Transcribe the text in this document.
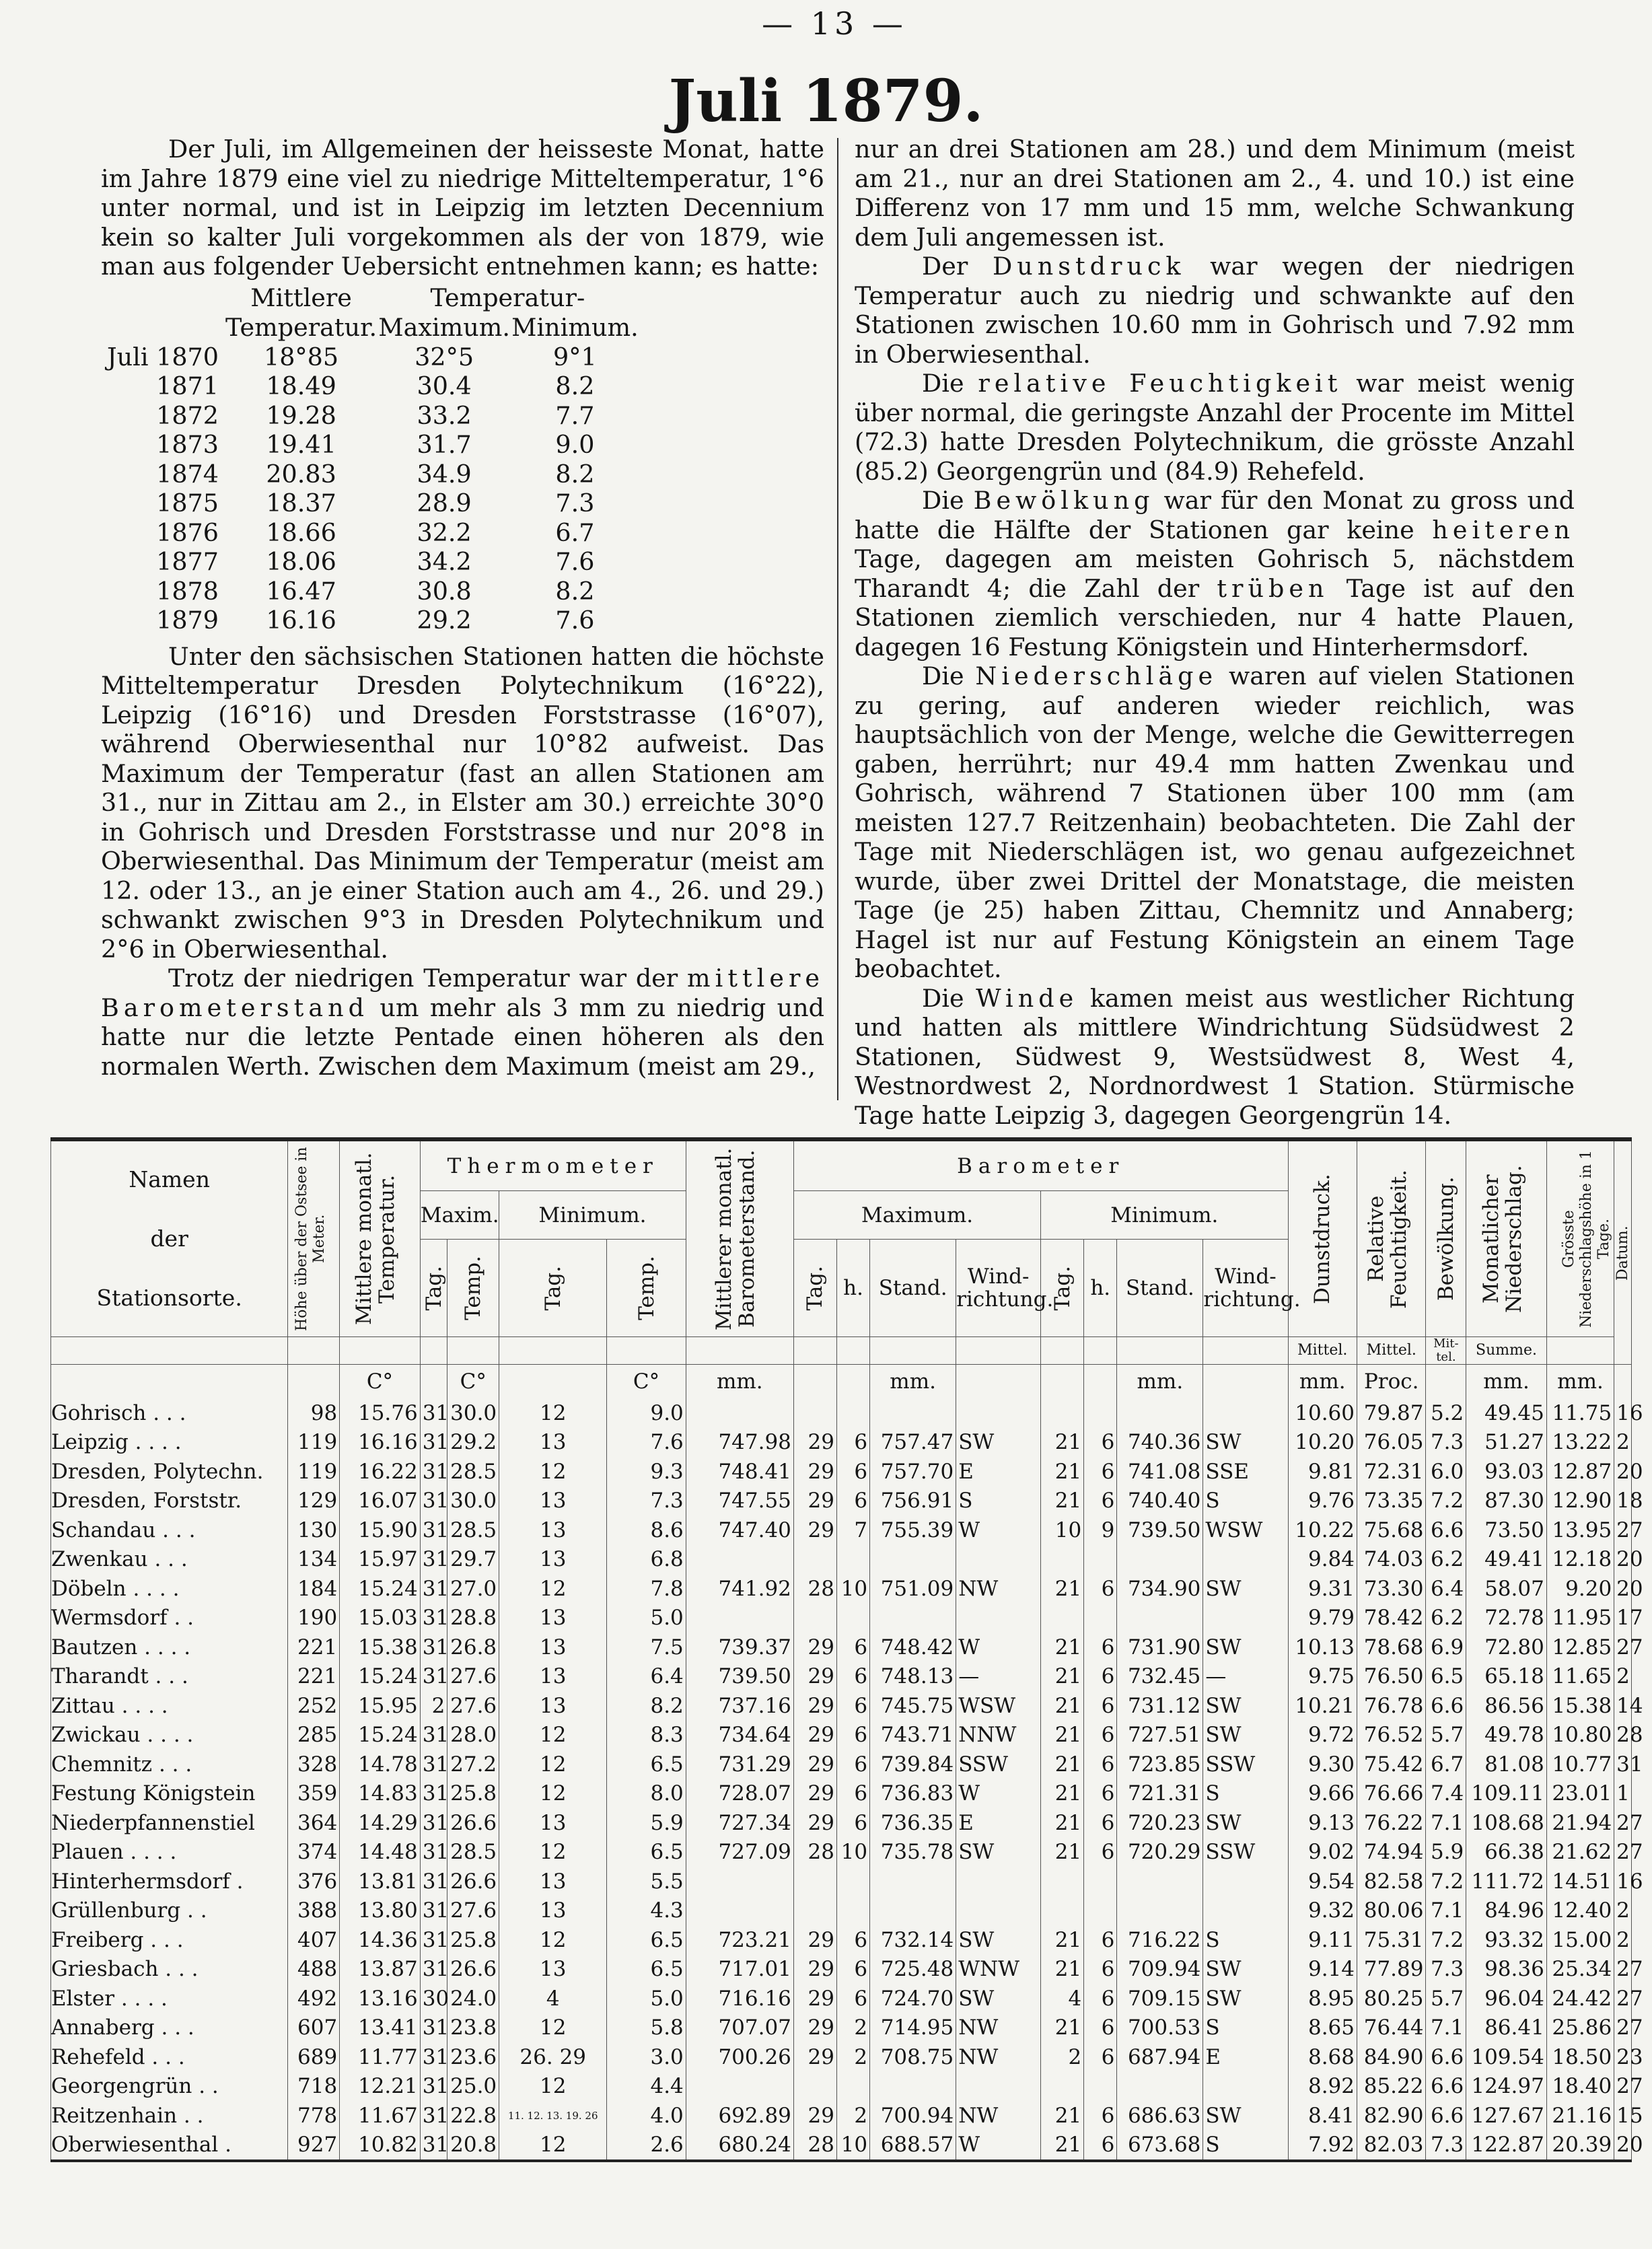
— 13 —
Juli 1879.

Der Juli, im Allgemeinen der heisseste Monat, hatte im Jahre 1879 eine viel zu niedrige Mitteltemperatur, 1°6 unter normal, und ist in Leipzig im letzten Decennium kein so kalter Juli vorgekommen als der von 1879, wie man aus folgender Uebersicht entnehmen kann; es hatte:

	Mittlere	Temperatur-	
	Temperatur.	Maximum.	Minimum.
Juli 1870	18°85	32°5	9°1
1871	18.49	30.4	8.2
1872	19.28	33.2	7.7
1873	19.41	31.7	9.0
1874	20.83	34.9	8.2
1875	18.37	28.9	7.3
1876	18.66	32.2	6.7
1877	18.06	34.2	7.6
1878	16.47	30.8	8.2
1879	16.16	29.2	7.6

Unter den sächsischen Stationen hatten die höchste Mitteltemperatur Dresden Polytechnikum (16°22), Leipzig (16°16) und Dresden Forststrasse (16°07), während Oberwiesenthal nur 10°82 aufweist. Das Maximum der Temperatur (fast an allen Stationen am 31., nur in Zittau am 2., in Elster am 30.) erreichte 30°0 in Gohrisch und Dresden Forststrasse und nur 20°8 in Oberwiesenthal. Das Minimum der Temperatur (meist am 12. oder 13., an je einer Station auch am 4., 26. und 29.) schwankt zwischen 9°3 in Dresden Polytechnikum und 2°6 in Oberwiesenthal.

Trotz der niedrigen Temperatur war der mittlere Barometerstand um mehr als 3 mm zu niedrig und hatte nur die letzte Pentade einen höheren als den normalen Werth. Zwischen dem Maximum (meist am 29.,

nur an drei Stationen am 28.) und dem Minimum (meist am 21., nur an drei Stationen am 2., 4. und 10.) ist eine Differenz von 17 mm und 15 mm, welche Schwankung dem Juli angemessen ist.

Der Dunstdruck war wegen der niedrigen Temperatur auch zu niedrig und schwankte auf den Stationen zwischen 10.60 mm in Gohrisch und 7.92 mm in Oberwiesenthal.

Die relative Feuchtigkeit war meist wenig über normal, die geringste Anzahl der Procente im Mittel (72.3) hatte Dresden Polytechnikum, die grösste Anzahl (85.2) Georgengrün und (84.9) Rehefeld.

Die Bewölkung war für den Monat zu gross und hatte die Hälfte der Stationen gar keine heiteren Tage, dagegen am meisten Gohrisch 5, nächstdem Tharandt 4; die Zahl der trüben Tage ist auf den Stationen ziemlich verschieden, nur 4 hatte Plauen, dagegen 16 Festung Königstein und Hinterhermsdorf.

Die Niederschläge waren auf vielen Stationen zu gering, auf anderen wieder reichlich, was hauptsächlich von der Menge, welche die Gewitterregen gaben, herrührt; nur 49.4 mm hatten Zwenkau und Gohrisch, während 7 Stationen über 100 mm (am meisten 127.7 Reitzenhain) beobachteten. Die Zahl der Tage mit Niederschlägen ist, wo genau aufgezeichnet wurde, über zwei Drittel der Monatstage, die meisten Tage (je 25) haben Zittau, Chemnitz und Annaberg; Hagel ist nur auf Festung Königstein an einem Tage beobachtet.

Die Winde kamen meist aus westlicher Richtung und hatten als mittlere Windrichtung Südsüdwest 2 Stationen, Südwest 9, Westsüdwest 8, West 4, Westnordwest 2, Nordnordwest 1 Station. Stürmische Tage hatte Leipzig 3, dagegen Georgengrün 14.

Namen
der
Stationsorte.	Höhe über der Ostsee in Meter.	Mittlere monatl. Temperatur.	Thermometer				Mittlerer monatl. Barometerstand.	Barometer								Dunstdruck.	Relative Feuchtigkeit.	Bewölkung.	Monatlicher Niederschlag.	Grösste Niederschlagshöhe in 1 Tage.	Datum.

			Maxim.		Minimum.			Maximum.				Minimum.									

			Tag.	Temp.	Tag.	Temp.		Tag.	h.	Stand.	Wind-richtung.	Tag.	h.	Stand.	Wind-richtung.						
																Mittel.	Mittel.	Mit-tel.	Summe.		
		C°		C°		C°	mm.			mm.				mm.		mm.	Proc.		mm.	mm.	
Gohrisch . . .	98	15.76	31	30.0	12	9.0										10.60	79.87	5.2	49.45	11.75	16
Leipzig . . . .	119	16.16	31	29.2	13	7.6	747.98	29	6	757.47	SW	21	6	740.36	SW	10.20	76.05	7.3	51.27	13.22	2
Dresden, Polytechn.	119	16.22	31	28.5	12	9.3	748.41	29	6	757.70	E	21	6	741.08	SSE	9.81	72.31	6.0	93.03	12.87	20
Dresden, Forststr.	129	16.07	31	30.0	13	7.3	747.55	29	6	756.91	S	21	6	740.40	S	9.76	73.35	7.2	87.30	12.90	18
Schandau . . .	130	15.90	31	28.5	13	8.6	747.40	29	7	755.39	W	10	9	739.50	WSW	10.22	75.68	6.6	73.50	13.95	27
Zwenkau . . .	134	15.97	31	29.7	13	6.8										9.84	74.03	6.2	49.41	12.18	20
Döbeln . . . .	184	15.24	31	27.0	12	7.8	741.92	28	10	751.09	NW	21	6	734.90	SW	9.31	73.30	6.4	58.07	9.20	20
Wermsdorf . .	190	15.03	31	28.8	13	5.0										9.79	78.42	6.2	72.78	11.95	17
Bautzen . . . .	221	15.38	31	26.8	13	7.5	739.37	29	6	748.42	W	21	6	731.90	SW	10.13	78.68	6.9	72.80	12.85	27
Tharandt . . .	221	15.24	31	27.6	13	6.4	739.50	29	6	748.13	—	21	6	732.45	—	9.75	76.50	6.5	65.18	11.65	2
Zittau . . . .	252	15.95	2	27.6	13	8.2	737.16	29	6	745.75	WSW	21	6	731.12	SW	10.21	76.78	6.6	86.56	15.38	14
Zwickau . . . .	285	15.24	31	28.0	12	8.3	734.64	29	6	743.71	NNW	21	6	727.51	SW	9.72	76.52	5.7	49.78	10.80	28
Chemnitz . . .	328	14.78	31	27.2	12	6.5	731.29	29	6	739.84	SSW	21	6	723.85	SSW	9.30	75.42	6.7	81.08	10.77	31
Festung Königstein	359	14.83	31	25.8	12	8.0	728.07	29	6	736.83	W	21	6	721.31	S	9.66	76.66	7.4	109.11	23.01	1
Niederpfannenstiel	364	14.29	31	26.6	13	5.9	727.34	29	6	736.35	E	21	6	720.23	SW	9.13	76.22	7.1	108.68	21.94	27
Plauen . . . .	374	14.48	31	28.5	12	6.5	727.09	28	10	735.78	SW	21	6	720.29	SSW	9.02	74.94	5.9	66.38	21.62	27
Hinterhermsdorf .	376	13.81	31	26.6	13	5.5										9.54	82.58	7.2	111.72	14.51	16
Grüllenburg . .	388	13.80	31	27.6	13	4.3										9.32	80.06	7.1	84.96	12.40	2
Freiberg . . .	407	14.36	31	25.8	12	6.5	723.21	29	6	732.14	SW	21	6	716.22	S	9.11	75.31	7.2	93.32	15.00	2
Griesbach . . .	488	13.87	31	26.6	13	6.5	717.01	29	6	725.48	WNW	21	6	709.94	SW	9.14	77.89	7.3	98.36	25.34	27
Elster . . . .	492	13.16	30	24.0	4	5.0	716.16	29	6	724.70	SW	4	6	709.15	SW	8.95	80.25	5.7	96.04	24.42	27
Annaberg . . .	607	13.41	31	23.8	12	5.8	707.07	29	2	714.95	NW	21	6	700.53	S	8.65	76.44	7.1	86.41	25.86	27
Rehefeld . . .	689	11.77	31	23.6	26. 29	3.0	700.26	29	2	708.75	NW	2	6	687.94	E	8.68	84.90	6.6	109.54	18.50	23
Georgengrün . .	718	12.21	31	25.0	12	4.4										8.92	85.22	6.6	124.97	18.40	27
Reitzenhain . .	778	11.67	31	22.8	11. 12. 13. 19. 26	4.0	692.89	29	2	700.94	NW	21	6	686.63	SW	8.41	82.90	6.6	127.67	21.16	15
Oberwiesenthal .	927	10.82	31	20.8	12	2.6	680.24	28	10	688.57	W	21	6	673.68	S	7.92	82.03	7.3	122.87	20.39	20
